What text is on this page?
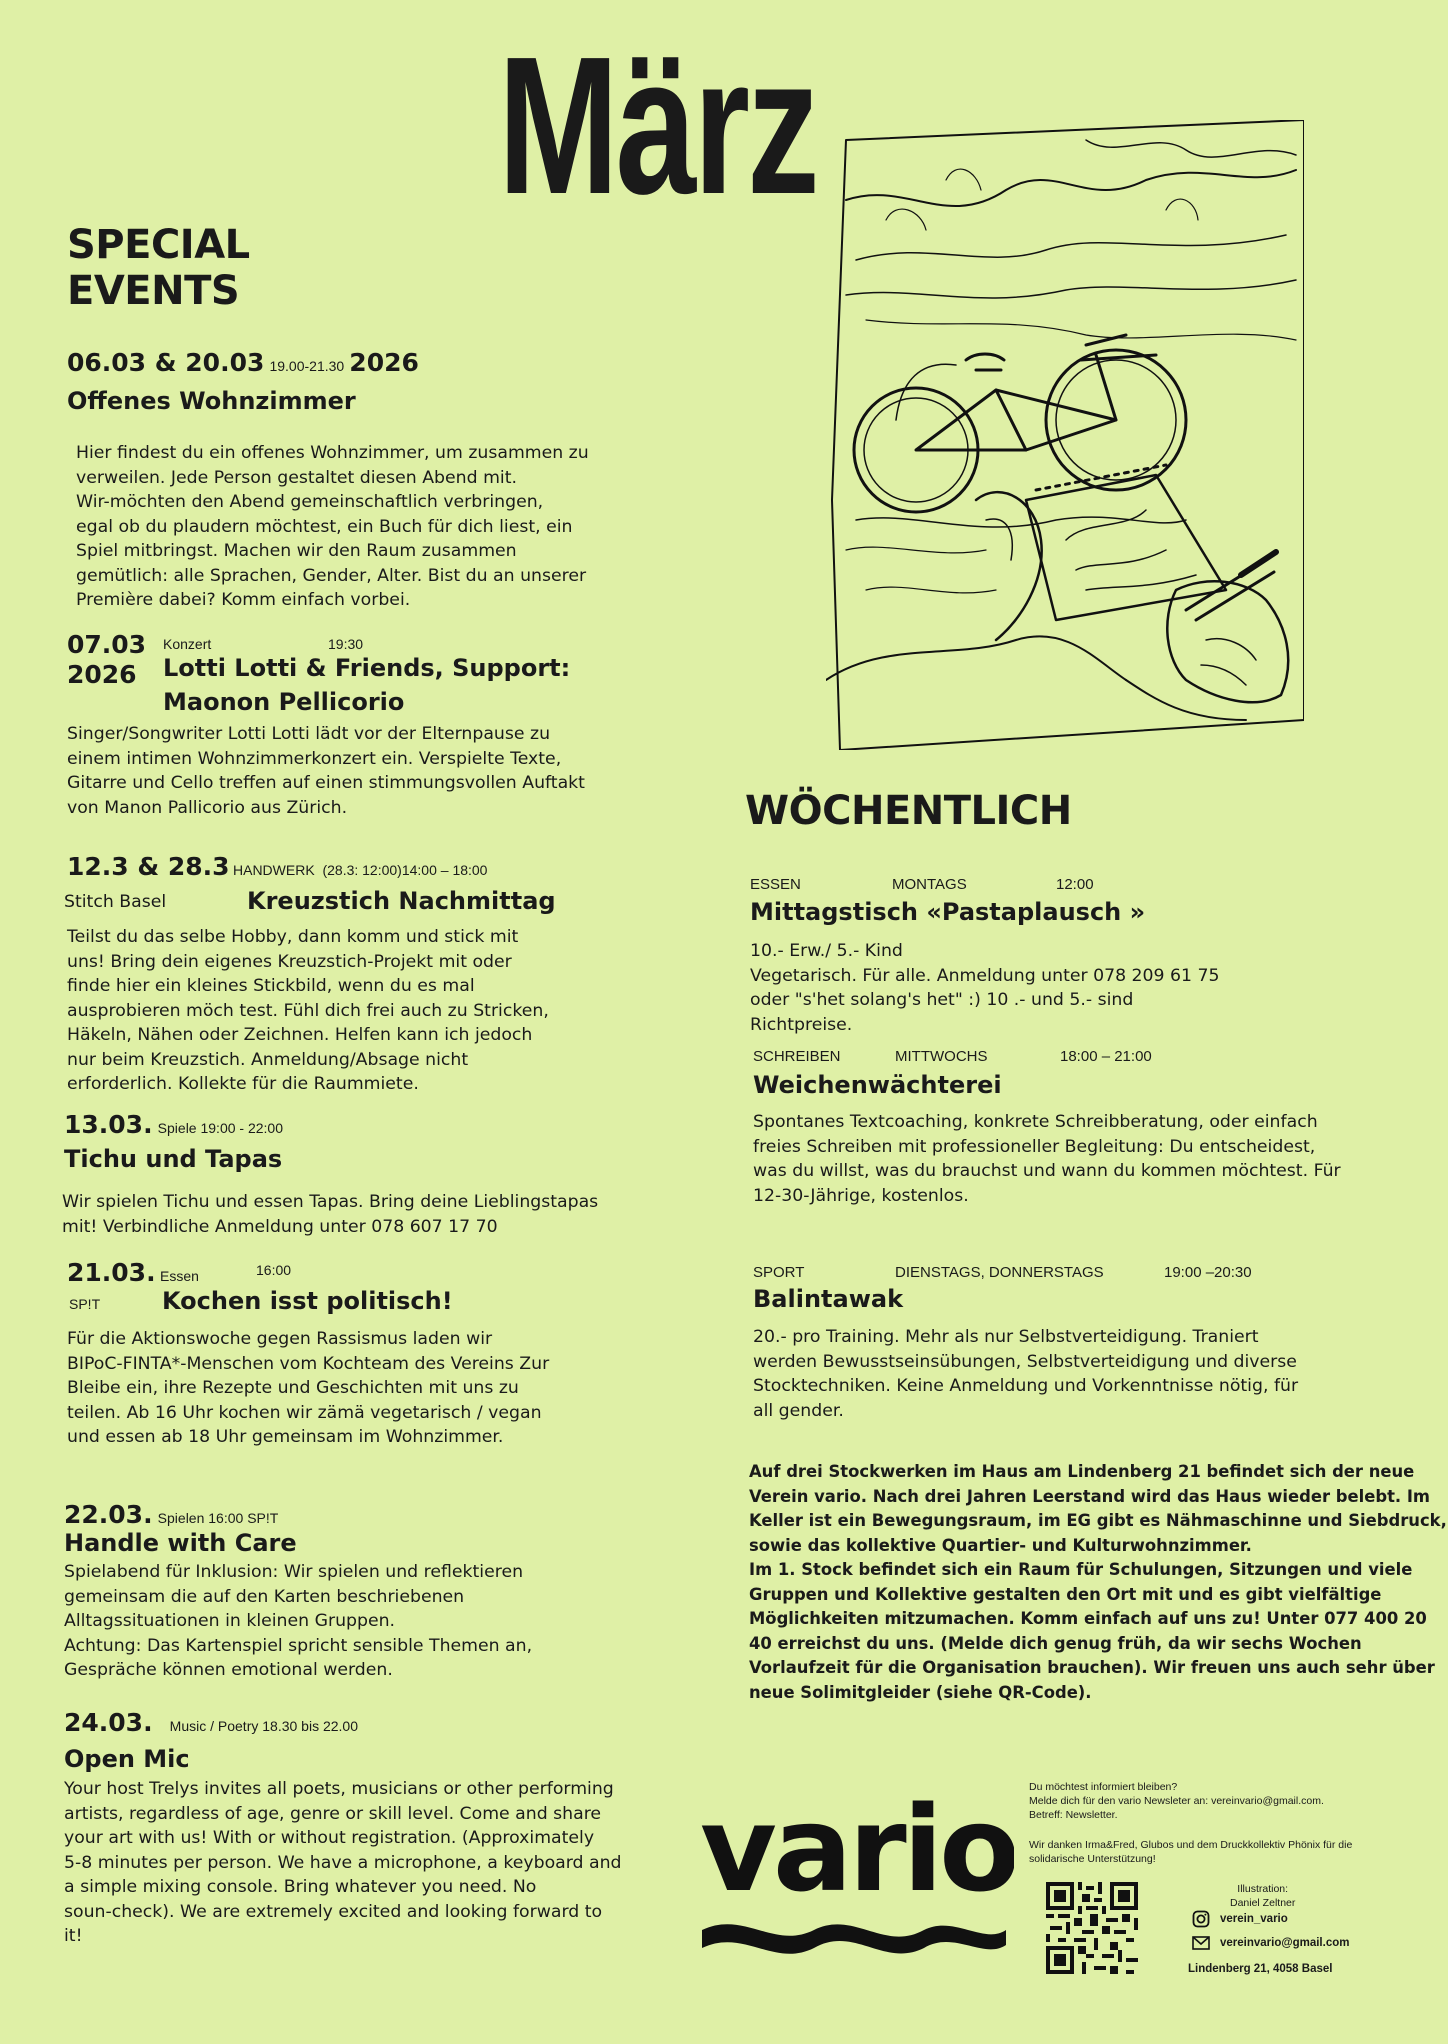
März
SPECIAL
EVENTS
06.03 & 20.03 19.00-21.30 2026
Offenes Wohnzimmer
Hier findest du ein offenes Wohnzimmer, um zusammen zu
verweilen. Jede Person gestaltet diesen Abend mit.
Wir-möchten den Abend gemeinschaftlich verbringen,
egal ob du plaudern möchtest, ein Buch für dich liest, ein
Spiel mitbringst. Machen wir den Raum zusammen
gemütlich: alle Sprachen, Gender, Alter. Bist du an unserer
Première dabei? Komm einfach vorbei.
07.03
2026
Konzert	19:30
Lotti Lotti & Friends, Support:
Maonon Pellicorio
Singer/Songwriter Lotti Lotti lädt vor der Elternpause zu
einem intimen Wohnzimmerkonzert ein. Verspielte Texte,
Gitarre und Cello treffen auf einen stimmungsvollen Auftakt
von Manon Pallicorio aus Zürich.
12.3 & 28.3 HANDWERK (28.3: 12:00)14:00 – 18:00
Stitch Basel	Kreuzstich Nachmittag
Teilst du das selbe Hobby, dann komm und stick mit
uns! Bring dein eigenes Kreuzstich-Projekt mit oder
finde hier ein kleines Stickbild, wenn du es mal
ausprobieren möch test. Fühl dich frei auch zu Stricken,
Häkeln, Nähen oder Zeichnen. Helfen kann ich jedoch
nur beim Kreuzstich. Anmeldung/Absage nicht
erforderlich. Kollekte für die Raummiete.
13.03. Spiele 19:00 - 22:00
Tichu und Tapas
Wir spielen Tichu und essen Tapas. Bring deine Lieblingstapas
mit! Verbindliche Anmeldung unter 078 607 17 70
21.03. Essen	16:00
SP!T	Kochen isst politisch!
Für die Aktionswoche gegen Rassismus laden wir
BIPoC-FINTA*-Menschen vom Kochteam des Vereins Zur
Bleibe ein, ihre Rezepte und Geschichten mit uns zu
teilen. Ab 16 Uhr kochen wir zämä vegetarisch / vegan
und essen ab 18 Uhr gemeinsam im Wohnzimmer.
22.03. Spielen 16:00 SP!T
Handle with Care
Spielabend für Inklusion: Wir spielen und reflektieren
gemeinsam die auf den Karten beschriebenen
Alltagssituationen in kleinen Gruppen.
Achtung: Das Kartenspiel spricht sensible Themen an,
Gespräche können emotional werden.
24.03. Music / Poetry 18.30 bis 22.00
Open Mic
Your host Trelys invites all poets, musicians or other performing
artists, regardless of age, genre or skill level. Come and share
your art with us! With or without registration. (Approximately
5-8 minutes per person. We have a microphone, a keyboard and
a simple mixing console. Bring whatever you need. No
soun-check). We are extremely excited and looking forward to
it!
WÖCHENTLICH
ESSEN	MONTAGS	12:00
Mittagstisch «Pastaplausch »
10.- Erw./ 5.- Kind
Vegetarisch. Für alle. Anmeldung unter 078 209 61 75
oder "s'het solang's het" :) 10 .- und 5.- sind
Richtpreise.
SCHREIBEN	MITTWOCHS	18:00 – 21:00
Weichenwächterei
Spontanes Textcoaching, konkrete Schreibberatung, oder einfach
freies Schreiben mit professioneller Begleitung: Du entscheidest,
was du willst, was du brauchst und wann du kommen möchtest. Für
12-30-Jährige, kostenlos.
SPORT	DIENSTAGS, DONNERSTAGS	19:00 –20:30
Balintawak
20.- pro Training. Mehr als nur Selbstverteidigung. Traniert
werden Bewusstseinsübungen, Selbstverteidigung und diverse
Stocktechniken. Keine Anmeldung und Vorkenntnisse nötig, für
all gender.
Auf drei Stockwerken im Haus am Lindenberg 21 befindet sich der neue
Verein vario. Nach drei Jahren Leerstand wird das Haus wieder belebt. Im
Keller ist ein Bewegungsraum, im EG gibt es Nähmaschinne und Siebdruck,
sowie das kollektive Quartier- und Kulturwohnzimmer.
Im 1. Stock befindet sich ein Raum für Schulungen, Sitzungen und viele
Gruppen und Kollektive gestalten den Ort mit und es gibt vielfältige
Möglichkeiten mitzumachen. Komm einfach auf uns zu! Unter 077 400 20
40 erreichst du uns. (Melde dich genug früh, da wir sechs Wochen
Vorlaufzeit für die Organisation brauchen). Wir freuen uns auch sehr über
neue Solimitgleider (siehe QR-Code).
vario Du möchtest informiert bleiben?
Melde dich für den vario Newsleter an: vereinvario@gmail.com.
Betreff: Newsletter.
Wir danken Irma&Fred, Glubos und dem Druckkollektiv Phönix für die
solidarische Unterstützung!
Illustration:
Daniel Zeltner
verein_vario
vereinvario@gmail.com
Lindenberg 21, 4058 Basel
